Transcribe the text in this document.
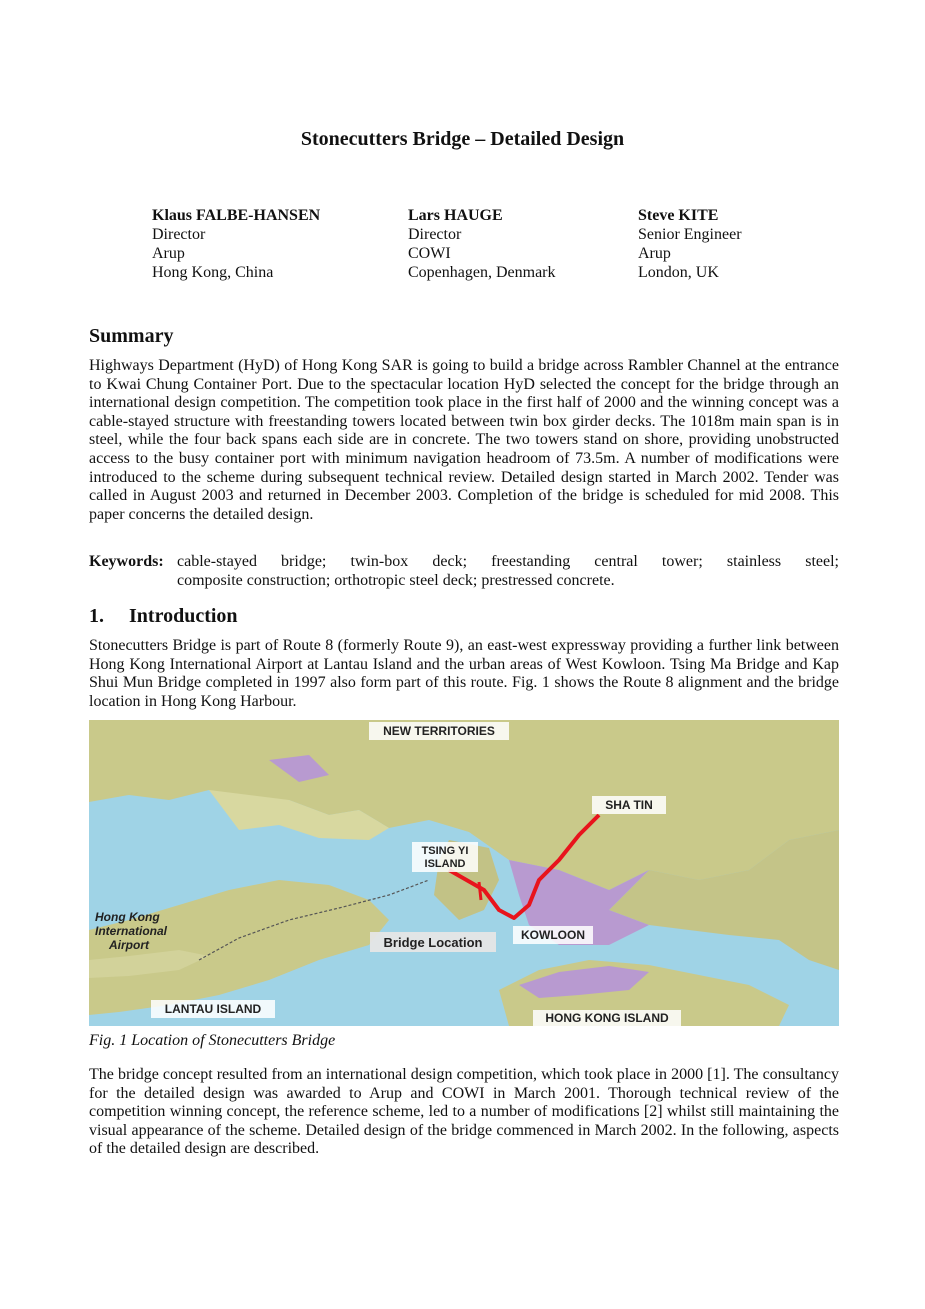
Stonecutters Bridge – Detailed Design
Klaus FALBE-HANSEN
Director
Arup
Hong Kong, China
Lars HAUGE
Director
COWI
Copenhagen, Denmark
Steve KITE
Senior Engineer
Arup
London, UK
Summary

Highways Department (HyD) of Hong Kong SAR is going to build a bridge across Rambler Channel at the entrance to Kwai Chung Container Port. Due to the spectacular location HyD selected the concept for the bridge through an international design competition. The competition took place in the first half of 2000 and the winning concept was a cable-stayed structure with freestanding towers located between twin box girder decks. The 1018m main span is in steel, while the four back spans each side are in concrete. The two towers stand on shore, providing unobstructed access to the busy container port with minimum navigation headroom of 73.5m. A number of modifications were introduced to the scheme during subsequent technical review. Detailed design started in March 2002. Tender was called in August 2003 and returned in December 2003. Completion of the bridge is scheduled for mid 2008. This paper concerns the detailed design.

Keywords: cable-stayed bridge; twin-box deck; freestanding central tower; stainless steel;
composite construction; orthotropic steel deck; prestressed concrete.
1. Introduction

Stonecutters Bridge is part of Route 8 (formerly Route 9), an east-west expressway providing a further link between Hong Kong International Airport at Lantau Island and the urban areas of West Kowloon. Tsing Ma Bridge and Kap Shui Mun Bridge completed in 1997 also form part of this route. Fig. 1 shows the Route 8 alignment and the bridge location in Hong Kong Harbour.

NEW TERRITORIES
SHA TIN
TSING YI
ISLAND
Hong Kong
International
Airport	Bridge Location	KOWLOON
LANTAU ISLAND
HONG KONG ISLAND
Fig. 1 Location of Stonecutters Bridge

The bridge concept resulted from an international design competition, which took place in 2000 [1]. The consultancy for the detailed design was awarded to Arup and COWI in March 2001. Thorough technical review of the competition winning concept, the reference scheme, led to a number of modifications [2] whilst still maintaining the visual appearance of the scheme. Detailed design of the bridge commenced in March 2002. In the following, aspects of the detailed design are described.
